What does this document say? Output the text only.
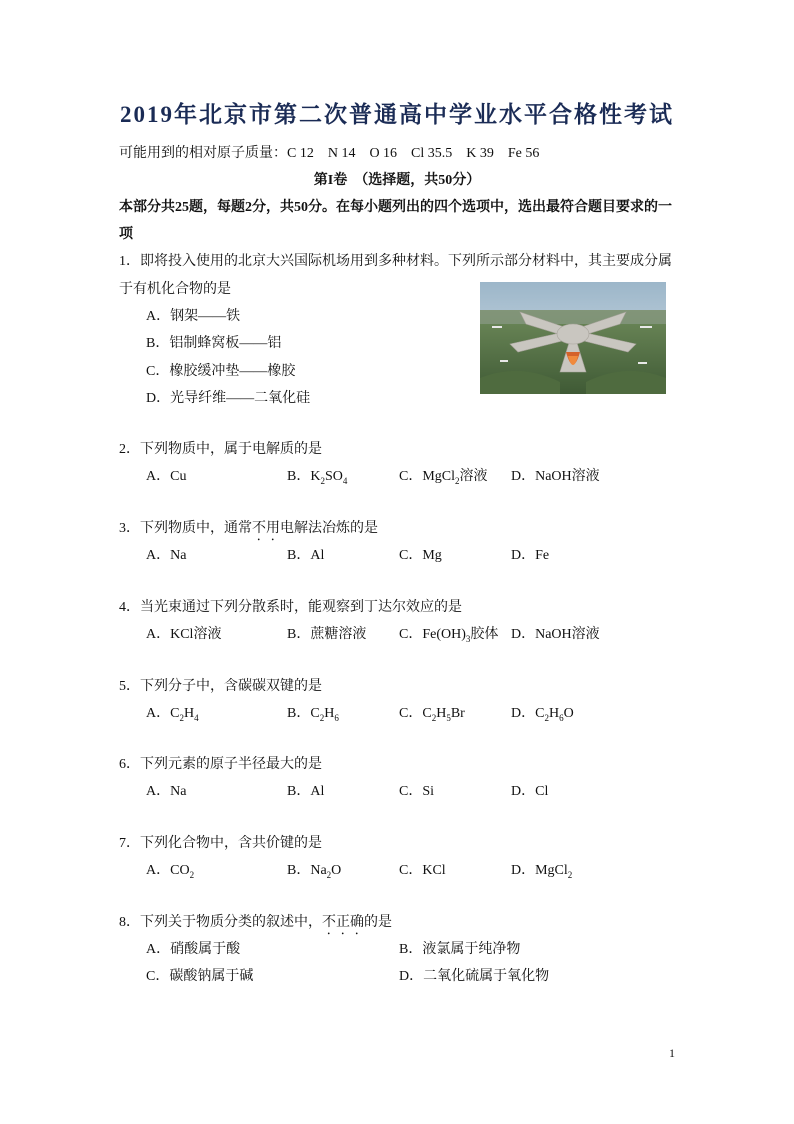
2019年北京市第二次普通高中学业水平合格性考试
可能用到的相对原子质量：C 12　N 14　O 16　Cl 35.5　K 39　Fe 56
第I卷　（选择题，共50分）
本部分共25题，每题2分，共50分。在每小题列出的四个选项中，选出最符合题目要求的一
项
1．即将投入使用的北京大兴国际机场用到多种材料。下列所示部分材料中，其主要成分属
于有机化合物的是
A．钢架——铁
B．铝制蜂窝板——铝
C．橡胶缓冲垫——橡胶
D．光导纤维——二氧化硅
2．下列物质中，属于电解质的是
A．Cu	B．$K_2SO_4$	C．MgCl$_2$溶液 D．NaOH溶液
3．下列物质中，通常不用电解法冶炼的是
A．Na	B．Al	C．Mg	D．Fe
4．当光束通过下列分散系时，能观察到丁达尔效应的是
A．KCl溶液	B．蔗糖溶液 C．$Fe(OH)_3$胶体 D．NaOH溶液
5．下列分子中，含碳碳双键的是
A．$C_2H_4$	B．$C_2H_6$	C．$C_2H_5Br$	D．$C_2H_6O$
6．下列元素的原子半径最大的是
A．Na	B．Al	C．Si	D．Cl
7．下列化合物中，含共价键的是
A．$CO_2$	B．$Na_2O$	C．KCl	D．MgCl$_2$
8．下列关于物质分类的叙述中，不正确的是
A．硝酸属于酸	B．液氯属于纯净物
C．碳酸钠属于碱	D．二氧化硫属于氧化物
1
